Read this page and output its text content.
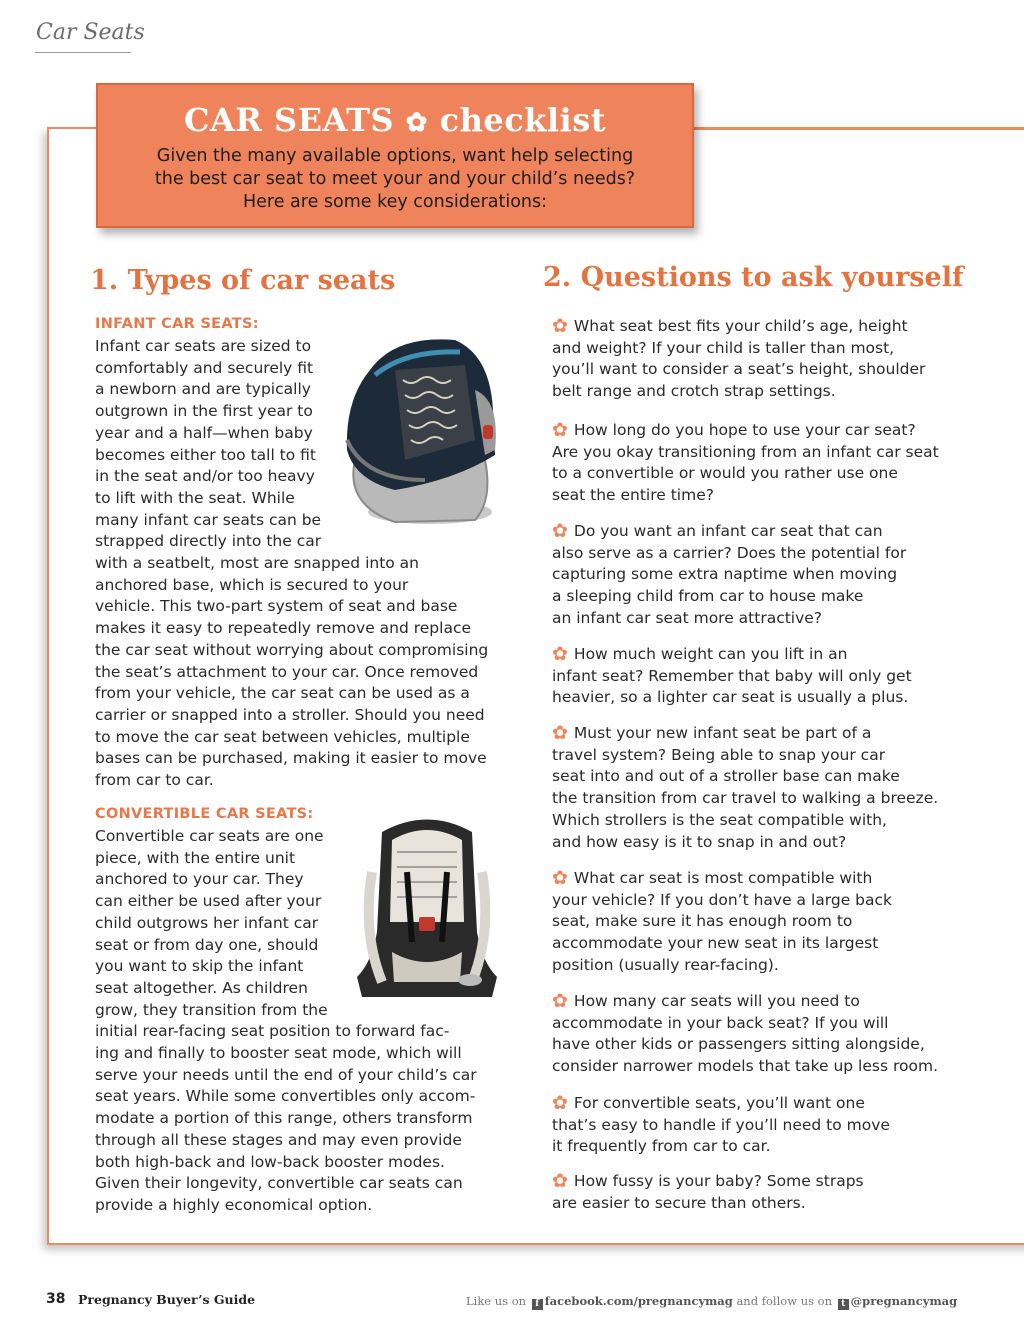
Car Seats
CAR SEATS ✿ checklist
Given the many available options, want help selecting
the best car seat to meet your and your child’s needs?
Here are some key considerations:
1. Types of car seats
INFANT CAR SEATS:
Infant car seats are sized to
comfortably and securely fit
a newborn and are typically
outgrown in the first year to
year and a half—when baby
becomes either too tall to fit
in the seat and/or too heavy
to lift with the seat. While
many infant car seats can be
strapped directly into the car
with a seatbelt, most are snapped into an
anchored base, which is secured to your
vehicle. This two-part system of seat and base
makes it easy to repeatedly remove and replace
the car seat without worrying about compromising
the seat’s attachment to your car. Once removed
from your vehicle, the car seat can be used as a
carrier or snapped into a stroller. Should you need
to move the car seat between vehicles, multiple
bases can be purchased, making it easier to move
from car to car.
CONVERTIBLE CAR SEATS:
Convertible car seats are one
piece, with the entire unit
anchored to your car. They
can either be used after your
child outgrows her infant car
seat or from day one, should
you want to skip the infant
seat altogether. As children
grow, they transition from the
initial rear-facing seat position to forward fac-
ing and finally to booster seat mode, which will
serve your needs until the end of your child’s car
seat years. While some convertibles only accom-
modate a portion of this range, others transform
through all these stages and may even provide
both high-back and low-back booster modes.
Given their longevity, convertible car seats can
provide a highly economical option.
2. Questions to ask yourself
✿ What seat best fits your child’s age, height
and weight? If your child is taller than most,
you’ll want to consider a seat’s height, shoulder
belt range and crotch strap settings.
✿ How long do you hope to use your car seat?
Are you okay transitioning from an infant car seat
to a convertible or would you rather use one
seat the entire time?
✿ Do you want an infant car seat that can
also serve as a carrier? Does the potential for
capturing some extra naptime when moving
a sleeping child from car to house make
an infant car seat more attractive?
✿ How much weight can you lift in an
infant seat? Remember that baby will only get
heavier, so a lighter car seat is usually a plus.
✿ Must your new infant seat be part of a
travel system? Being able to snap your car
seat into and out of a stroller base can make
the transition from car travel to walking a breeze.
Which strollers is the seat compatible with,
and how easy is it to snap in and out?
✿ What car seat is most compatible with
your vehicle? If you don’t have a large back
seat, make sure it has enough room to
accommodate your new seat in its largest
position (usually rear-facing).
✿ How many car seats will you need to
accommodate in your back seat? If you will
have other kids or passengers sitting alongside,
consider narrower models that take up less room.
✿ For convertible seats, you’ll want one
that’s easy to handle if you’ll need to move
it frequently from car to car.
✿ How fussy is your baby? Some straps
are easier to secure than others.
38 Pregnancy Buyer’s Guide	Like us on f facebook.com/pregnancymag and follow us on t @pregnancymag
